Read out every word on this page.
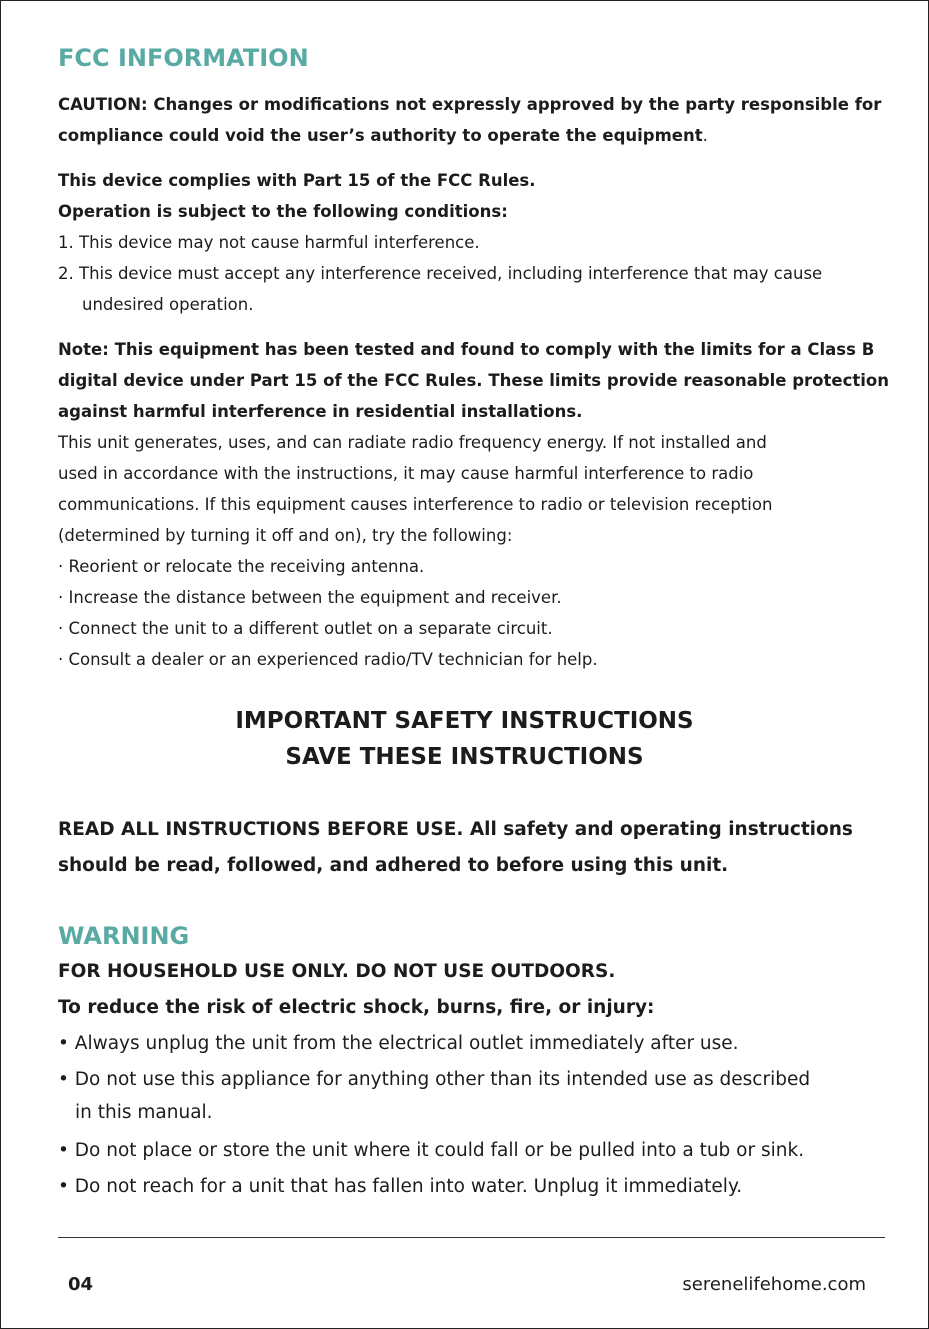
FCC INFORMATION
CAUTION: Changes or modifications not expressly approved by the party responsible for
compliance could void the user’s authority to operate the equipment.
This device complies with Part 15 of the FCC Rules.
Operation is subject to the following conditions:
1. This device may not cause harmful interference.
2. This device must accept any interference received, including interference that may cause
undesired operation.
Note: This equipment has been tested and found to comply with the limits for a Class B
digital device under Part 15 of the FCC Rules. These limits provide reasonable protection
against harmful interference in residential installations.
This unit generates, uses, and can radiate radio frequency energy. If not installed and
used in accordance with the instructions, it may cause harmful interference to radio
communications. If this equipment causes interference to radio or television reception
(determined by turning it off and on), try the following:
· Reorient or relocate the receiving antenna.
· Increase the distance between the equipment and receiver.
· Connect the unit to a different outlet on a separate circuit.
· Consult a dealer or an experienced radio/TV technician for help.
IMPORTANT SAFETY INSTRUCTIONS
SAVE THESE INSTRUCTIONS
READ ALL INSTRUCTIONS BEFORE USE. All safety and operating instructions
should be read, followed, and adhered to before using this unit.
WARNING
FOR HOUSEHOLD USE ONLY. DO NOT USE OUTDOORS.
To reduce the risk of electric shock, burns, fire, or injury:
• Always unplug the unit from the electrical outlet immediately after use.
• Do not use this appliance for anything other than its intended use as described
in this manual.
• Do not place or store the unit where it could fall or be pulled into a tub or sink.
• Do not reach for a unit that has fallen into water. Unplug it immediately.
04	serenelifehome.com
